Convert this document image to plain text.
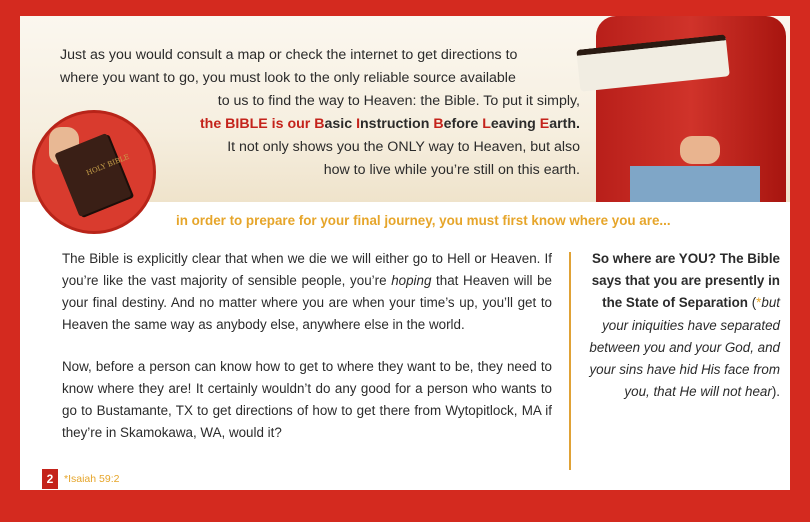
Just as you would consult a map or check the internet to get directions to
where you want to go, you must look to the only reliable source available
to us to find the way to Heaven: the Bible. To put it simply,
the BIBLE is our Basic Instruction Before Leaving Earth.
It not only shows you the ONLY way to Heaven, but also
how to live while you’re still on this earth.
HOLY BIBLE
in order to prepare for your final journey, you must first know where you are...

The Bible is explicitly clear that when we die we will either go to Hell or Heaven. If you’re like the vast majority of sensible people, you’re hoping that Heaven will be your final destiny. And no matter where you are when your time’s up, you’ll get to Heaven the same way as anybody else, anywhere else in the world.

Now, before a person can know how to get to where they want to be, they need to know where they are! It certainly wouldn’t do any good for a person who wants to go to Bustamante, TX to get directions of how to get there from Wytopitlock, MA if they’re in Skamokawa, WA, would it?

So where are YOU? The Bible says that you are presently in the State of Separation (*but your iniquities have separated between you and your God, and your sins have hid His face from you, that He will not hear).
2	*Isaiah 59:2
